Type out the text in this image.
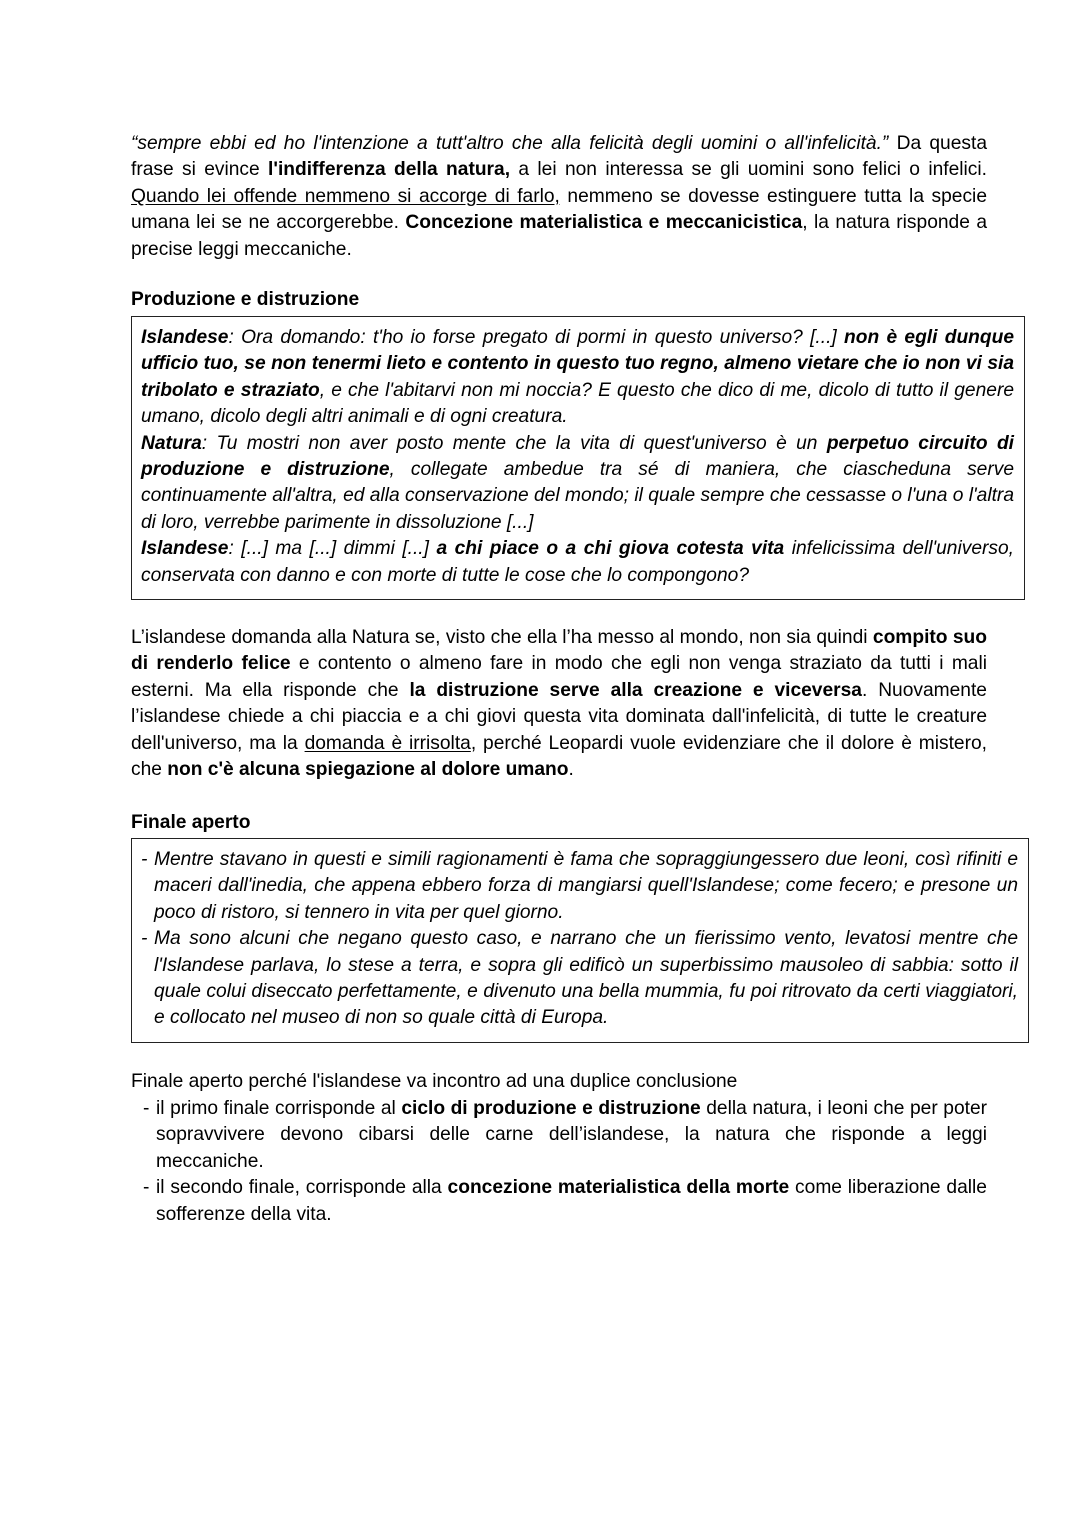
“sempre ebbi ed ho l'intenzione a tutt'altro che alla felicità degli uomini o all'infelicità.” Da questa frase si evince l'indifferenza della natura, a lei non interessa se gli uomini sono felici o infelici. Quando lei offende nemmeno si accorge di farlo, nemmeno se dovesse estinguere tutta la specie umana lei se ne accorgerebbe. Concezione materialistica e meccanicistica, la natura risponde a precise leggi meccaniche.

Produzione e distruzione
Islandese: Ora domando: t'ho io forse pregato di pormi in questo universo? [...] non è egli dunque ufficio tuo, se non tenermi lieto e contento in questo tuo regno, almeno vietare che io non vi sia tribolato e straziato, e che l'abitarvi non mi noccia? E questo che dico di me, dicolo di tutto il genere umano, dicolo degli altri animali e di ogni creatura.
Natura: Tu mostri non aver posto mente che la vita di quest'universo è un perpetuo circuito di produzione e distruzione, collegate ambedue tra sé di maniera, che ciascheduna serve continuamente all'altra, ed alla conservazione del mondo; il quale sempre che cessasse o l'una o l'altra di loro, verrebbe parimente in dissoluzione [...]
Islandese: [...] ma [...] dimmi [...] a chi piace o a chi giova cotesta vita infelicissima dell'universo, conservata con danno e con morte di tutte le cose che lo compongono?

L’islandese domanda alla Natura se, visto che ella l’ha messo al mondo, non sia quindi compito suo di renderlo felice e contento o almeno fare in modo che egli non venga straziato da tutti i mali esterni. Ma ella risponde che la distruzione serve alla creazione e viceversa. Nuovamente l’islandese chiede a chi piaccia e a chi giovi questa vita dominata dall'infelicità, di tutte le creature dell'universo, ma la domanda è irrisolta, perché Leopardi vuole evidenziare che il dolore è mistero, che non c'è alcuna spiegazione al dolore umano.

Finale aperto
- Mentre stavano in questi e simili ragionamenti è fama che sopraggiungessero due leoni, così rifiniti e maceri dall'inedia, che appena ebbero forza di mangiarsi quell'Islandese; come fecero; e presone un poco di ristoro, si tennero in vita per quel giorno.
- Ma sono alcuni che negano questo caso, e narrano che un fierissimo vento, levatosi mentre che l'Islandese parlava, lo stese a terra, e sopra gli edificò un superbissimo mausoleo di sabbia: sotto il quale colui diseccato perfettamente, e divenuto una bella mummia, fu poi ritrovato da certi viaggiatori, e collocato nel museo di non so quale città di Europa.
Finale aperto perché l'islandese va incontro ad una duplice conclusione
- il primo finale corrisponde al ciclo di produzione e distruzione della natura, i leoni che per poter sopravvivere devono cibarsi delle carne dell’islandese, la natura che risponde a leggi meccaniche.
- il secondo finale, corrisponde alla concezione materialistica della morte come liberazione dalle sofferenze della vita.
